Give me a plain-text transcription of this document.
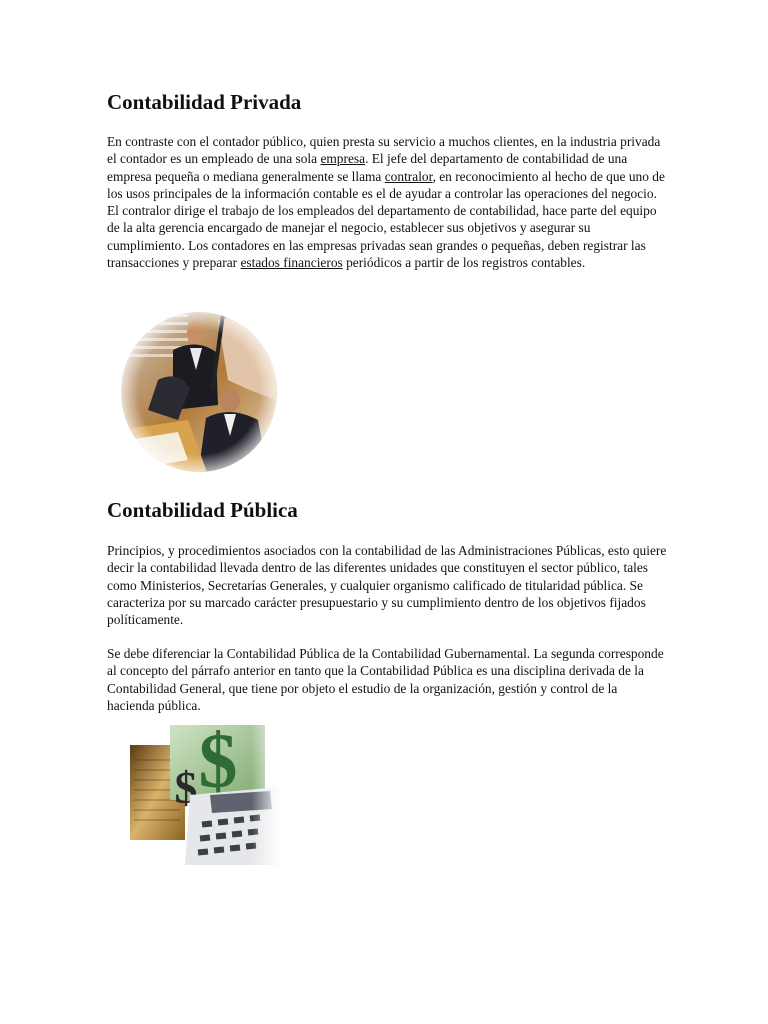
Contabilidad Privada

En contraste con el contador público, quien presta su servicio a muchos clientes, en la industria privada el contador es un empleado de una sola empresa. El jefe del departamento de contabilidad de una empresa pequeña o mediana generalmente se llama contralor, en reconocimiento al hecho de que uno de los usos principales de la información contable es el de ayudar a controlar las operaciones del negocio. El contralor dirige el trabajo de los empleados del departamento de contabilidad, hace parte del equipo de la alta gerencia encargado de manejar el negocio, establecer sus objetivos y asegurar su cumplimiento. Los contadores en las empresas privadas sean grandes o pequeñas, deben registrar las transacciones y preparar estados financieros periódicos a partir de los registros contables.

Contabilidad Pública

Principios, y procedimientos asociados con la contabilidad de las Administraciones Públicas, esto quiere decir la contabilidad llevada dentro de las diferentes unidades que constituyen el sector público, tales como Ministerios, Secretarías Generales, y cualquier organismo calificado de titularidad pública. Se caracteriza por su marcado carácter presupuestario y su cumplimiento dentro de los objetivos fijados políticamente.

Se debe diferenciar la Contabilidad Pública de la Contabilidad Gubernamental. La segunda corresponde al concepto del párrafo anterior en tanto que la Contabilidad Pública es una disciplina derivada de la Contabilidad General, que tiene por objeto el estudio de la organización, gestión y control de la hacienda pública.
